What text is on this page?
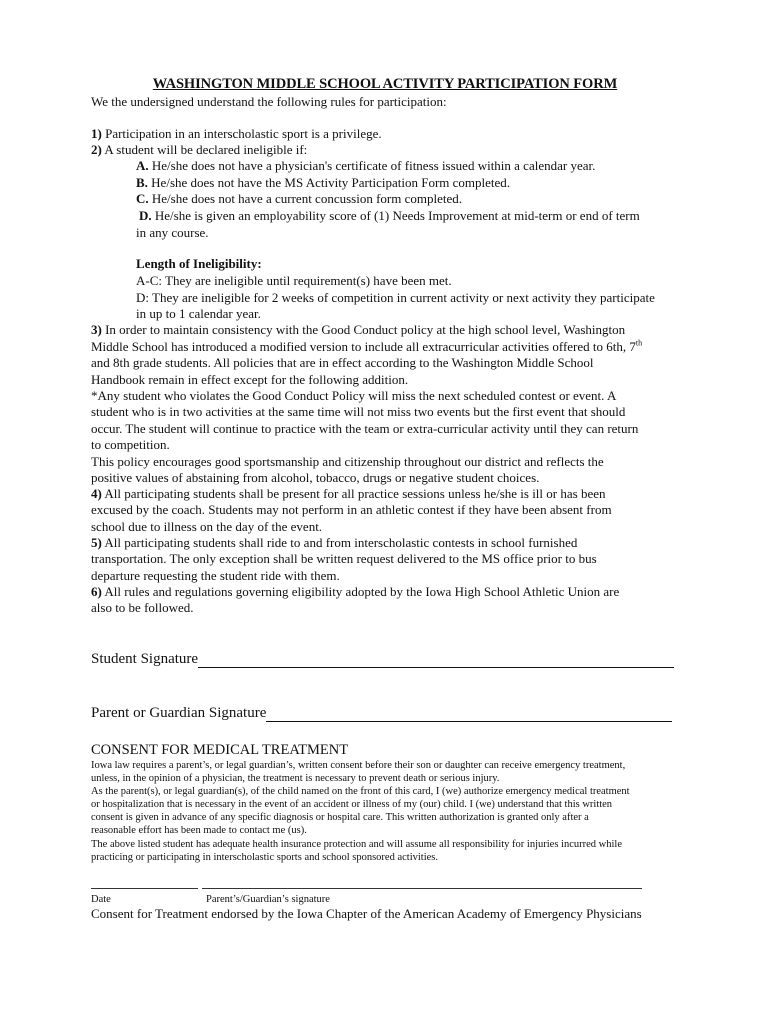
WASHINGTON MIDDLE SCHOOL ACTIVITY PARTICIPATION FORM
We the undersigned understand the following rules for participation:
1) Participation in an interscholastic sport is a privilege.
2) A student will be declared ineligible if:
A. He/she does not have a physician's certificate of fitness issued within a calendar year.
B. He/she does not have the MS Activity Participation Form completed.
C. He/she does not have a current concussion form completed.
D. He/she is given an employability score of (1) Needs Improvement at mid-term or end of term
in any course.
Length of Ineligibility:
A-C: They are ineligible until requirement(s) have been met.
D: They are ineligible for 2 weeks of competition in current activity or next activity they participate
in up to 1 calendar year.
3) In order to maintain consistency with the Good Conduct policy at the high school level, Washington
Middle School has introduced a modified version to include all extracurricular activities offered to 6th, 7th
and 8th grade students. All policies that are in effect according to the Washington Middle School
Handbook remain in effect except for the following addition.
*Any student who violates the Good Conduct Policy will miss the next scheduled contest or event. A
student who is in two activities at the same time will not miss two events but the first event that should
occur. The student will continue to practice with the team or extra-curricular activity until they can return
to competition.
This policy encourages good sportsmanship and citizenship throughout our district and reflects the
positive values of abstaining from alcohol, tobacco, drugs or negative student choices.
4) All participating students shall be present for all practice sessions unless he/she is ill or has been
excused by the coach. Students may not perform in an athletic contest if they have been absent from
school due to illness on the day of the event.
5) All participating students shall ride to and from interscholastic contests in school furnished
transportation. The only exception shall be written request delivered to the MS office prior to bus
departure requesting the student ride with them.
6) All rules and regulations governing eligibility adopted by the Iowa High School Athletic Union are
also to be followed.
Student Signature
Parent or Guardian Signature
CONSENT FOR MEDICAL TREATMENT
Iowa law requires a parent’s, or legal guardian’s, written consent before their son or daughter can receive emergency treatment,
unless, in the opinion of a physician, the treatment is necessary to prevent death or serious injury.
As the parent(s), or legal guardian(s), of the child named on the front of this card, I (we) authorize emergency medical treatment
or hospitalization that is necessary in the event of an accident or illness of my (our) child. I (we) understand that this written
consent is given in advance of any specific diagnosis or hospital care. This written authorization is granted only after a
reasonable effort has been made to contact me (us).
The above listed student has adequate health insurance protection and will assume all responsibility for injuries incurred while
practicing or participating in interscholastic sports and school sponsored activities.
Date	Parent’s/Guardian’s signature
Consent for Treatment endorsed by the Iowa Chapter of the American Academy of Emergency Physicians
